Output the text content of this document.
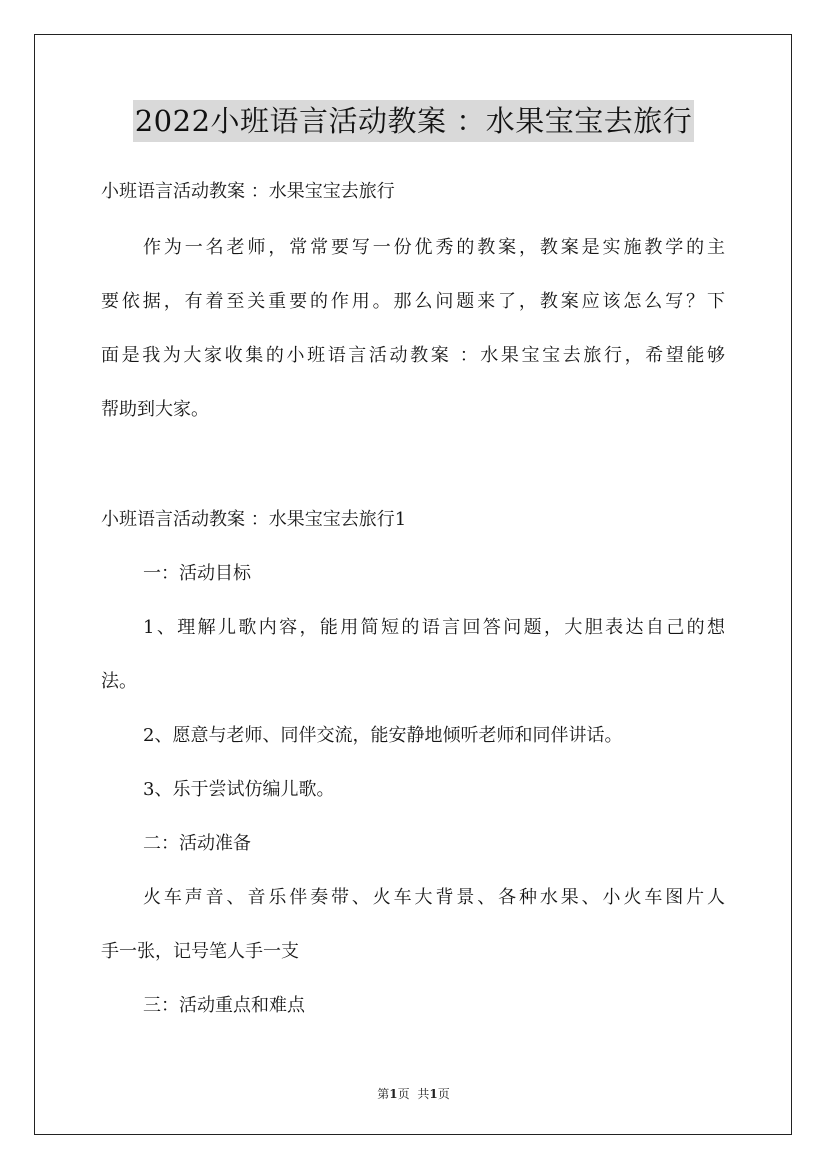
2022小班语言活动教案 ：水果宝宝去旅行
小班语言活动教案 ：水果宝宝去旅行
作为一名老师，常常要写一份优秀的教案，教案是实施教学的主
要依据，有着至关重要的作用。那么问题来了，教案应该怎么写？下
面是我为大家收集的小班语言活动教案 ：水果宝宝去旅行，希望能够
帮助到大家。
小班语言活动教案 ：水果宝宝去旅行1
一：活动目标
1、理解儿歌内容，能用简短的语言回答问题，大胆表达自己的想
法。
2、愿意与老师、同伴交流，能安静地倾听老师和同伴讲话。
3、乐于尝试仿编儿歌。
二：活动准备
火车声音、音乐伴奏带、火车大背景、各种水果、小火车图片人
手一张，记号笔人手一支
三：活动重点和难点
第1页 共1页
